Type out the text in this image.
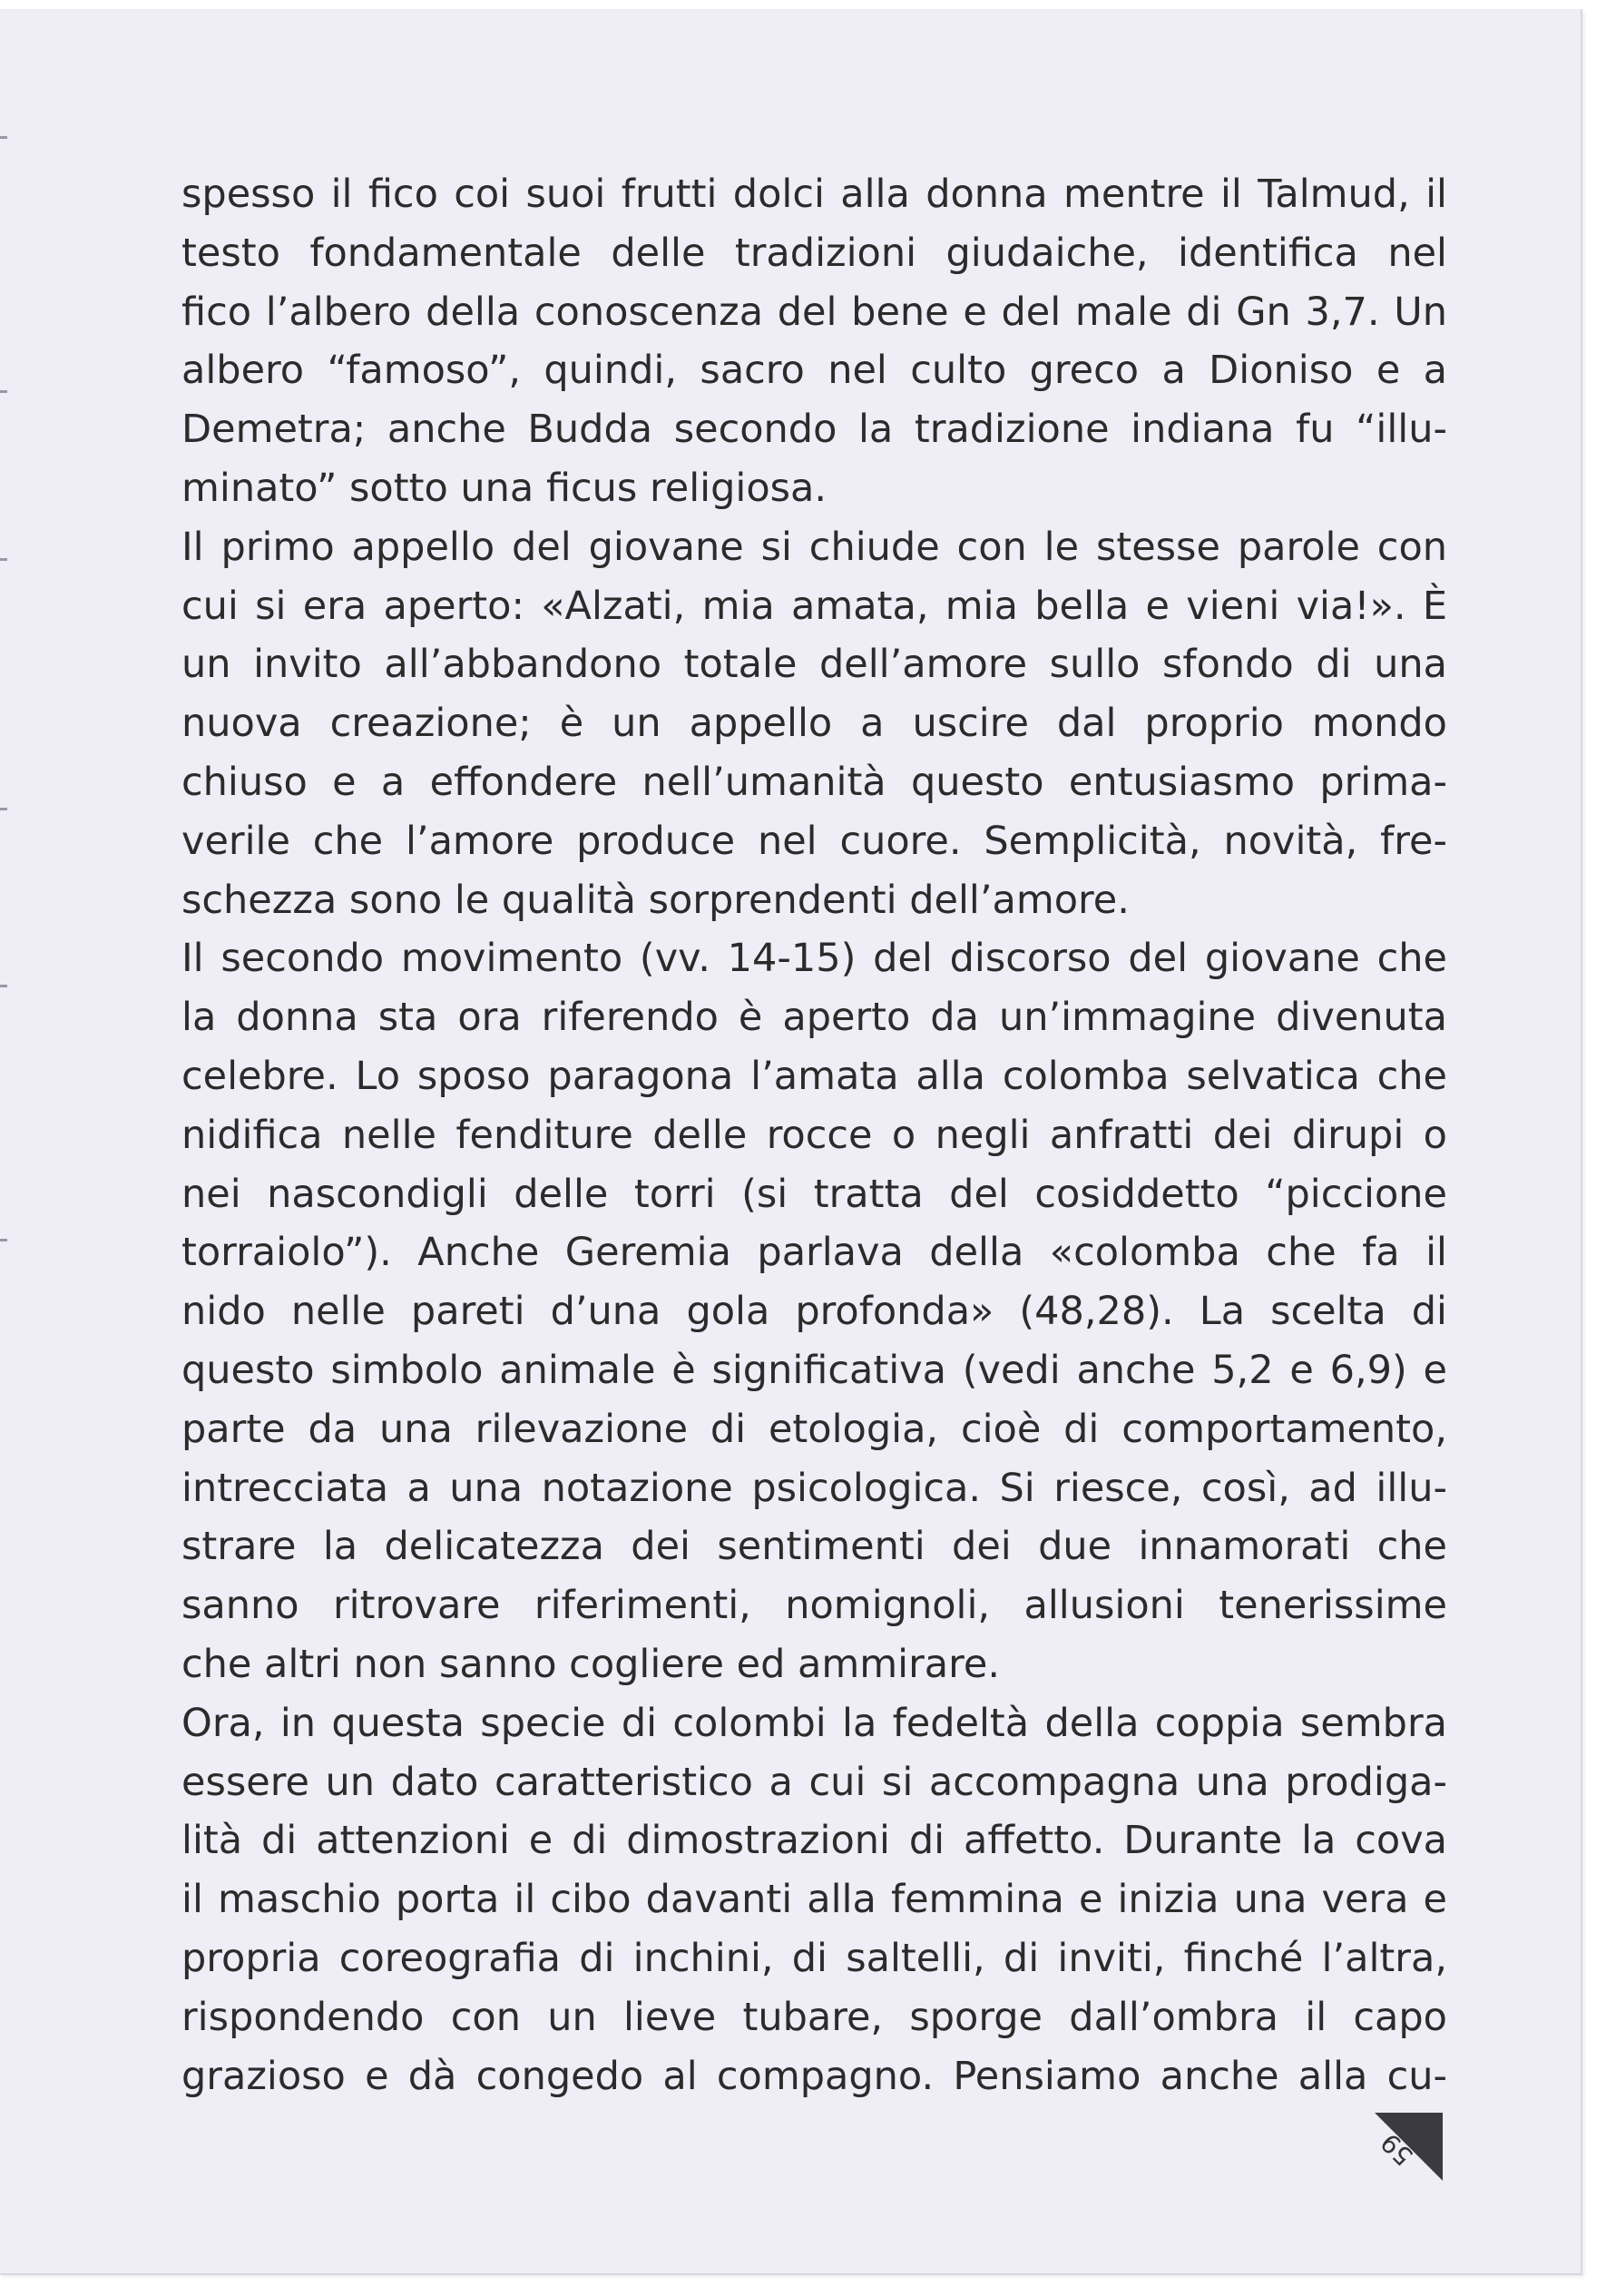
spesso il fico coi suoi frutti dolci alla donna mentre il Talmud, il
testo fondamentale delle tradizioni giudaiche, identifica nel
fico l’albero della conoscenza del bene e del male di Gn 3,7. Un
albero “famoso”, quindi, sacro nel culto greco a Dioniso e a
Demetra; anche Budda secondo la tradizione indiana fu “illu-
minato” sotto una ficus religiosa.
Il primo appello del giovane si chiude con le stesse parole con
cui si era aperto: «Alzati, mia amata, mia bella e vieni via!». È
un invito all’abbandono totale dell’amore sullo sfondo di una
nuova creazione; è un appello a uscire dal proprio mondo
chiuso e a effondere nell’umanità questo entusiasmo prima-
verile che l’amore produce nel cuore. Semplicità, novità, fre-
schezza sono le qualità sorprendenti dell’amore.
Il secondo movimento (vv. 14-15) del discorso del giovane che
la donna sta ora riferendo è aperto da un’immagine divenuta
celebre. Lo sposo paragona l’amata alla colomba selvatica che
nidifica nelle fenditure delle rocce o negli anfratti dei dirupi o
nei nascondigli delle torri (si tratta del cosiddetto “piccione
torraiolo”). Anche Geremia parlava della «colomba che fa il
nido nelle pareti d’una gola profonda» (48,28). La scelta di
questo simbolo animale è significativa (vedi anche 5,2 e 6,9) e
parte da una rilevazione di etologia, cioè di comportamento,
intrecciata a una notazione psicologica. Si riesce, così, ad illu-
strare la delicatezza dei sentimenti dei due innamorati che
sanno ritrovare riferimenti, nomignoli, allusioni tenerissime
che altri non sanno cogliere ed ammirare.
Ora, in questa specie di colombi la fedeltà della coppia sembra
essere un dato caratteristico a cui si accompagna una prodiga-
lità di attenzioni e di dimostrazioni di affetto. Durante la cova
il maschio porta il cibo davanti alla femmina e inizia una vera e
propria coreografia di inchini, di saltelli, di inviti, finché l’altra,
rispondendo con un lieve tubare, sporge dall’ombra il capo
grazioso e dà congedo al compagno. Pensiamo anche alla cu-
59
